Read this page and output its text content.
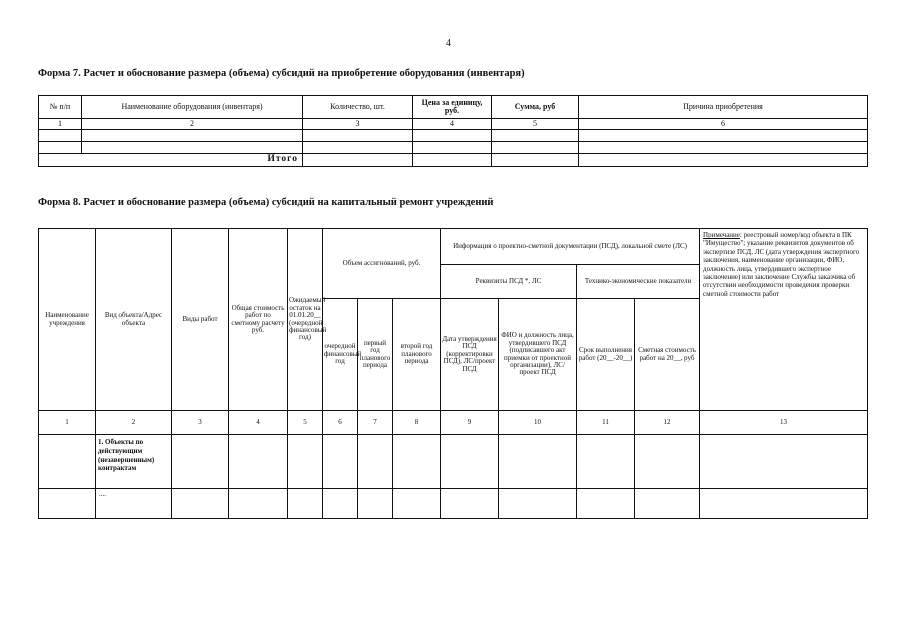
4
Форма 7. Расчет и обоснование размера (объема) субсидий на приобретение оборудования (инвентаря)
№ п/п	Наименование оборудования (инвентаря)	Количество, шт.	Цена за единицу, руб.	Сумма, руб	Причина приобретения
1	2	3	4	5	6

Итого					
Форма 8. Расчет и обоснование размера (объема) субсидий на капитальный ремонт учреждений
Наименование учреждения	Вид объекта/Адрес объекта	Виды работ	Общая стоимость работ по сметному расчету руб.	Ожидаемый остаток на 01.01.20__ (очередной финансовый год)	Объем ассигнований, руб.			Информация о проектно-сметной документации (ПСД), локальной смете (ЛС)				Примечание: реестровый номер/код объекта в ПК "Имущество"; указание реквизитов документов об экспертизе ПСД, ЛС (дата утверждения экспертного заключения, наименование организации, ФИО, должность лица, утвердившего экспертное заключение) или заключение Службы заказчика об отсутствии необходимости проведения проверки сметной стоимости работ
								Реквизиты ПСД *, ЛС		Технико-экономические показатели		
					очередной финансовый год	первый год планового периода	второй год планового периода	Дата утверждения ПСД (корректировки ПСД), ЛС/проект ПСД	ФИО и должность лица, утвердившего ПСД (подписавшего акт приемки от проектной организации), ЛС/проект ПСД	Срок выполнения работ (20__-20__)	Сметная стоимость работ на 20__, руб	
1	2	3	4	5	6	7	8	9	10	11	12	13
	1. Объекты по действующим (незавершенным) контрактам											
	....											
